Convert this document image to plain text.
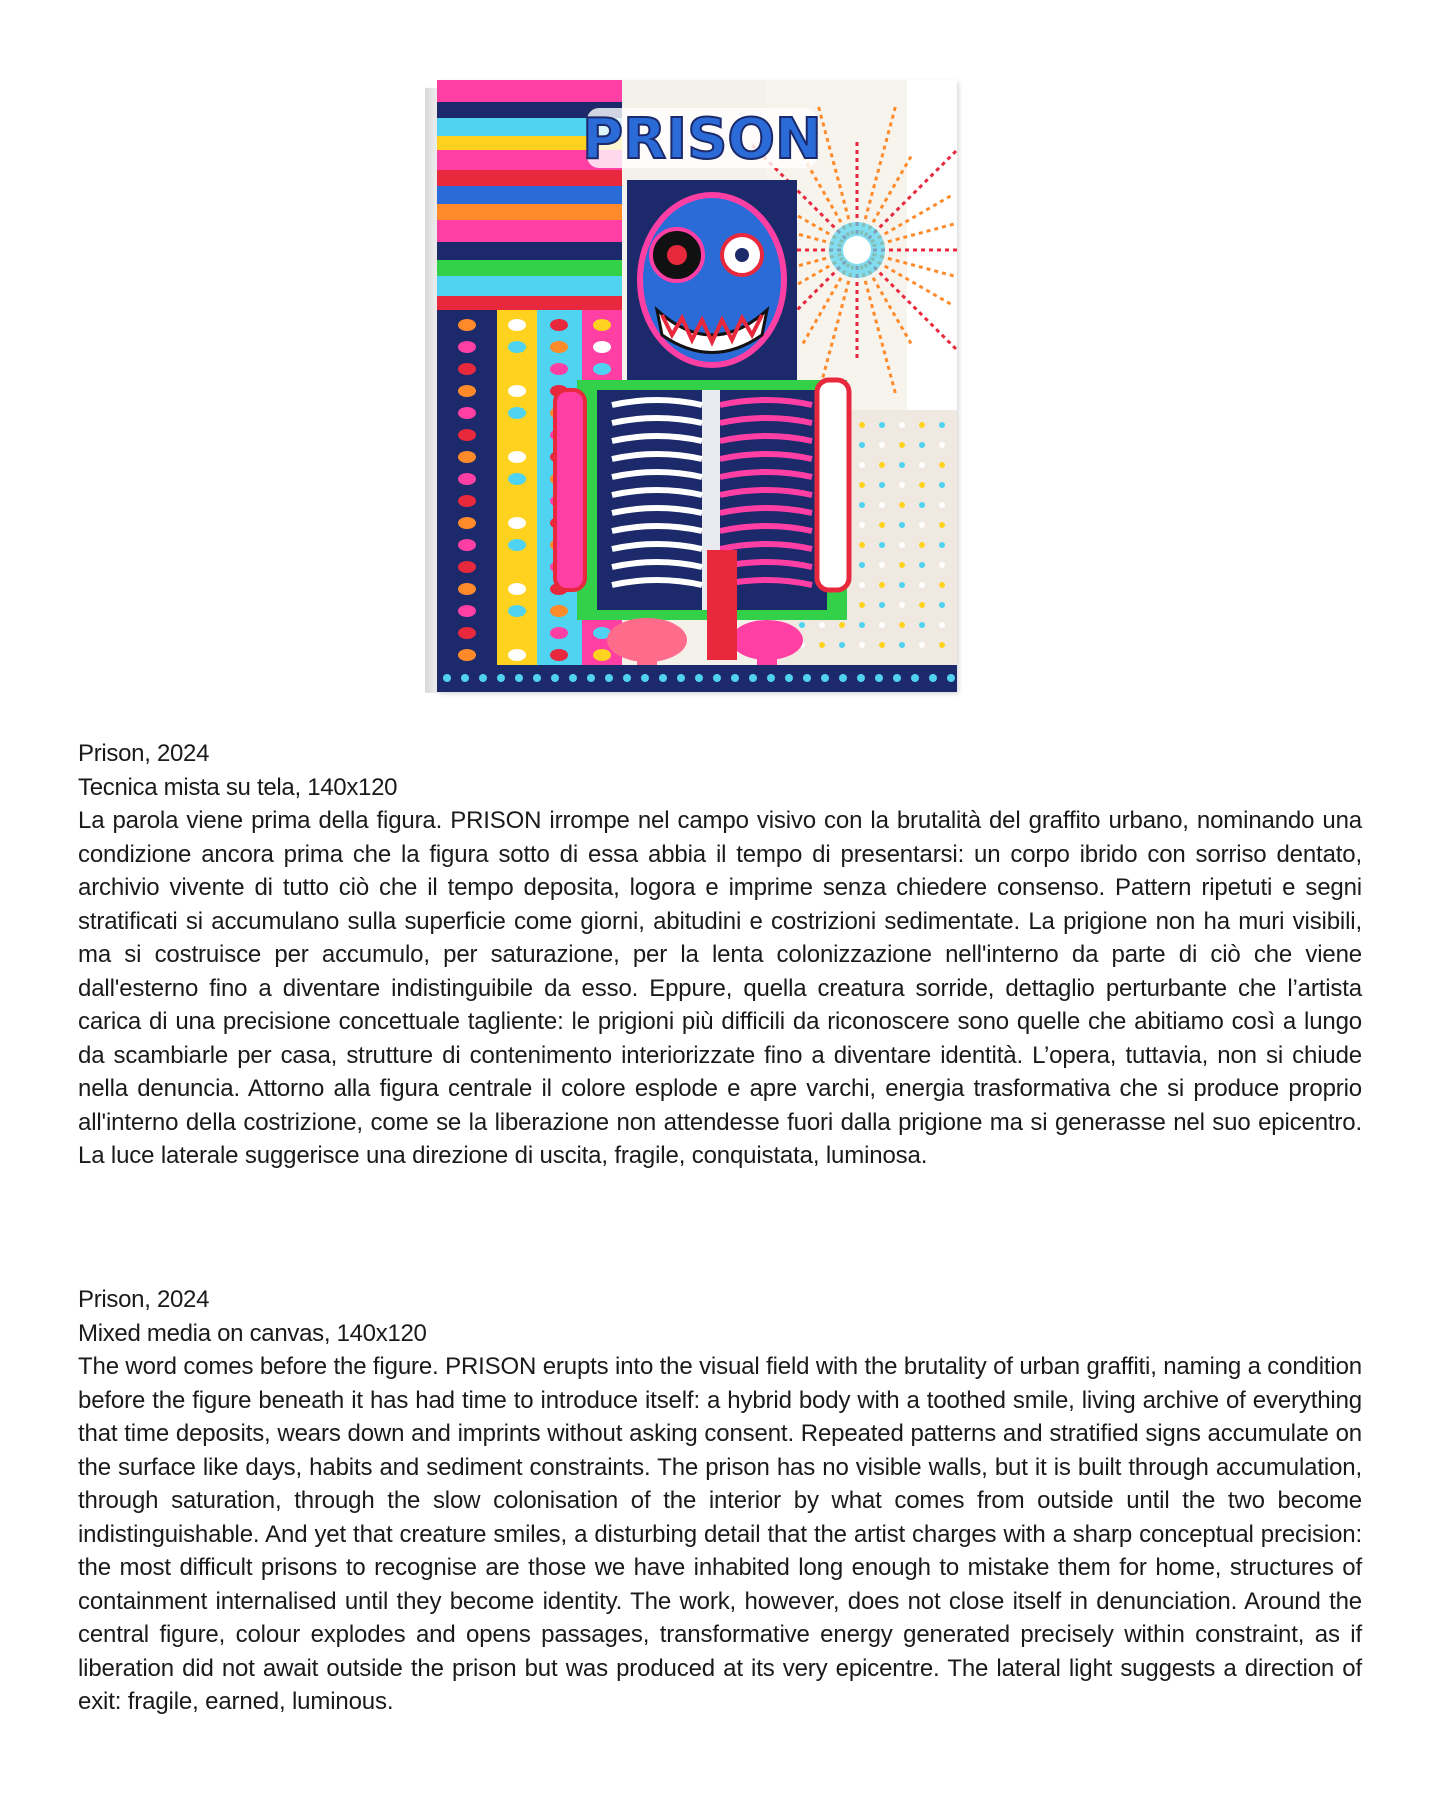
PRISON
Prison, 2024
Tecnica mista su tela, 140x120
La parola viene prima della figura. PRISON irrompe nel campo visivo con la brutalità del graffito urbano, nominando una condizione ancora prima che la figura sotto di essa abbia il tempo di presentarsi: un corpo ibrido con sorriso dentato, archivio vivente di tutto ciò che il tempo deposita, logora e imprime senza chiedere consenso. Pattern ripetuti e segni stratificati si accumulano sulla superficie come giorni, abitudini e costrizioni sedimentate. La prigione non ha muri visibili, ma si costruisce per accumulo, per saturazione, per la lenta colonizzazione nell'interno da parte di ciò che viene dall'esterno fino a diventare indistinguibile da esso. Eppure, quella creatura sorride, dettaglio perturbante che l’artista carica di una precisione concettuale tagliente: le prigioni più difficili da riconoscere sono quelle che abitiamo così a lungo da scambiarle per casa, strutture di contenimento interiorizzate fino a diventare identità. L’opera, tuttavia, non si chiude nella denuncia. Attorno alla figura centrale il colore esplode e apre varchi, energia trasformativa che si produce proprio all'interno della costrizione, come se la liberazione non attendesse fuori dalla prigione ma si generasse nel suo epicentro. La luce laterale suggerisce una direzione di uscita, fragile, conquistata, luminosa.
Prison, 2024
Mixed media on canvas, 140x120
The word comes before the figure. PRISON erupts into the visual field with the brutality of urban graffiti, naming a condition before the figure beneath it has had time to introduce itself: a hybrid body with a toothed smile, living archive of everything that time deposits, wears down and imprints without asking consent. Repeated patterns and stratified signs accumulate on the surface like days, habits and sediment constraints. The prison has no visible walls, but it is built through accumulation, through saturation, through the slow colonisation of the interior by what comes from outside until the two become indistinguishable. And yet that creature smiles, a disturbing detail that the artist charges with a sharp conceptual precision: the most difficult prisons to recognise are those we have inhabited long enough to mistake them for home, structures of containment internalised until they become identity. The work, however, does not close itself in denunciation. Around the central figure, colour explodes and opens passages, transformative energy generated precisely within constraint, as if liberation did not await outside the prison but was produced at its very epicentre. The lateral light suggests a direction of exit: fragile, earned, luminous.
